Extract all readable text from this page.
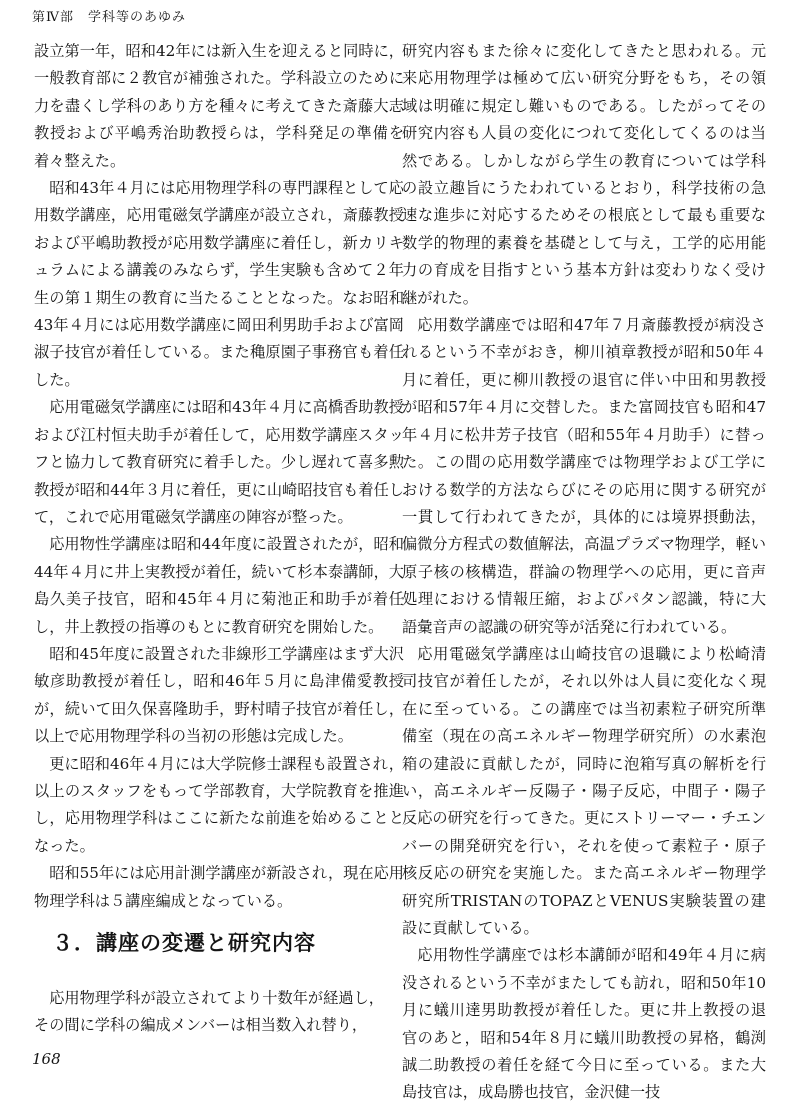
第Ⅳ部　学科等のあゆみ

設立第一年，昭和42年には新入生を迎えると同時に，一般教育部に２教官が補強された。学科設立のために力を盡くし学科のあり方を種々に考えてきた斎藤大志教授および平嶋秀治助教授らは，学科発足の準備を着々整えた。

昭和43年４月には応用物理学科の専門課程として応用数学講座，応用電磁気学講座が設立され，斎藤教授および平嶋助教授が応用数学講座に着任し，新カリキュラムによる講義のみならず，学生実験も含めて２年生の第１期生の教育に当たることとなった。なお昭和43年４月には応用数学講座に岡田利男助手および富岡淑子技官が着任している。また穐原園子事務官も着任した。

応用電磁気学講座には昭和43年４月に高橋香助教授および江村恒夫助手が着任して，応用数学講座スタッフと協力して教育研究に着手した。少し遅れて喜多勲教授が昭和44年３月に着任，更に山崎昭技官も着任して，これで応用電磁気学講座の陣容が整った。

応用物性学講座は昭和44年度に設置されたが，昭和44年４月に井上実教授が着任，続いて杉本泰講師，大島久美子技官，昭和45年４月に菊池正和助手が着任し，井上教授の指導のもとに教育研究を開始した。

昭和45年度に設置された非線形工学講座はまず大沢敏彦助教授が着任し，昭和46年５月に島津備愛教授が，続いて田久保喜隆助手，野村晴子技官が着任し，以上で応用物理学科の当初の形態は完成した。

更に昭和46年４月には大学院修士課程も設置され，以上のスタッフをもって学部教育，大学院教育を推進し，応用物理学科はここに新たな前進を始めることとなった。

昭和55年には応用計測学講座が新設され，現在応用物理学科は５講座編成となっている。

３．講座の変遷と研究内容

応用物理学科が設立されてより十数年が経過し，その間に学科の編成メンバーは相当数入れ替り，

研究内容もまた徐々に変化してきたと思われる。元来応用物理学は極めて広い研究分野をもち，その領域は明確に規定し難いものである。したがってその研究内容も人員の変化につれて変化してくるのは当然である。しかしながら学生の教育については学科の設立趣旨にうたわれているとおり，科学技術の急速な進歩に対応するためその根底として最も重要な数学的物理的素養を基礎として与え，工学的応用能力の育成を目指すという基本方針は変わりなく受け継がれた。

応用数学講座では昭和47年７月斎藤教授が病没されるという不幸がおき，柳川禎章教授が昭和50年４月に着任，更に柳川教授の退官に伴い中田和男教授が昭和57年４月に交替した。また富岡技官も昭和47年４月に松井芳子技官（昭和55年４月助手）に替った。この間の応用数学講座では物理学および工学における数学的方法ならびにその応用に関する研究が一貫して行われてきたが，具体的には境界摂動法，偏微分方程式の数値解法，高温プラズマ物理学，軽い原子核の核構造，群論の物理学への応用，更に音声処理における情報圧縮，およびパタン認識，特に大語彙音声の認識の研究等が活発に行われている。

応用電磁気学講座は山崎技官の退職により松崎清司技官が着任したが，それ以外は人員に変化なく現在に至っている。この講座では当初素粒子研究所準備室（現在の高エネルギー物理学研究所）の水素泡箱の建設に貢献したが，同時に泡箱写真の解析を行い，高エネルギー反陽子・陽子反応，中間子・陽子反応の研究を行ってきた。更にストリーマー・チエンバーの開発研究を行い，それを使って素粒子・原子核反応の研究を実施した。また高エネルギー物理学研究所TRISTANのTOPAZとVENUS実験装置の建設に貢献している。

応用物性学講座では杉本講師が昭和49年４月に病没されるという不幸がまたしても訪れ，昭和50年10月に蟻川達男助教授が着任した。更に井上教授の退官のあと，昭和54年８月に蟻川助教授の昇格，鶴渕誠二助教授の着任を経て今日に至っている。また大島技官は，成島勝也技官，金沢健一技

168
